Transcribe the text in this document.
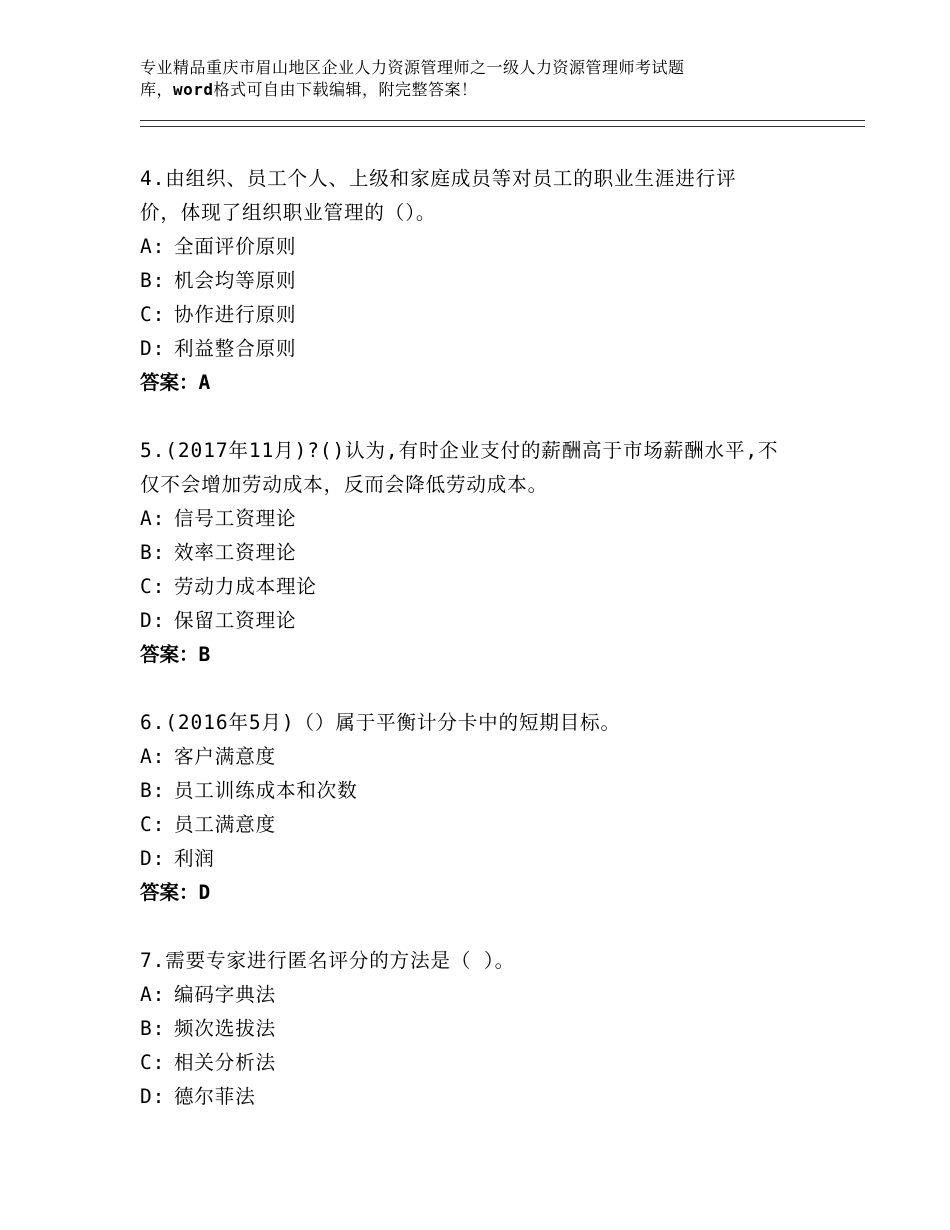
专业精品重庆市眉山地区企业人力资源管理师之一级人力资源管理师考试题
库，word格式可自由下载编辑，附完整答案！
4.由组织、员工个人、上级和家庭成员等对员工的职业生涯进行评
价，体现了组织职业管理的（）。
A: 全面评价原则
B: 机会均等原则
C: 协作进行原则
D: 利益整合原则
答案：A
5.(2017年11月)?()认为,有时企业支付的薪酬高于市场薪酬水平,不
仅不会增加劳动成本，反而会降低劳动成本。
A: 信号工资理论
B: 效率工资理论
C: 劳动力成本理论
D: 保留工资理论
答案：B
6.(2016年5月)（）属于平衡计分卡中的短期目标。
A: 客户满意度
B: 员工训练成本和次数
C: 员工满意度
D: 利润
答案：D
7.需要专家进行匿名评分的方法是（ ）。
A: 编码字典法
B: 频次选拔法
C: 相关分析法
D: 德尔菲法
